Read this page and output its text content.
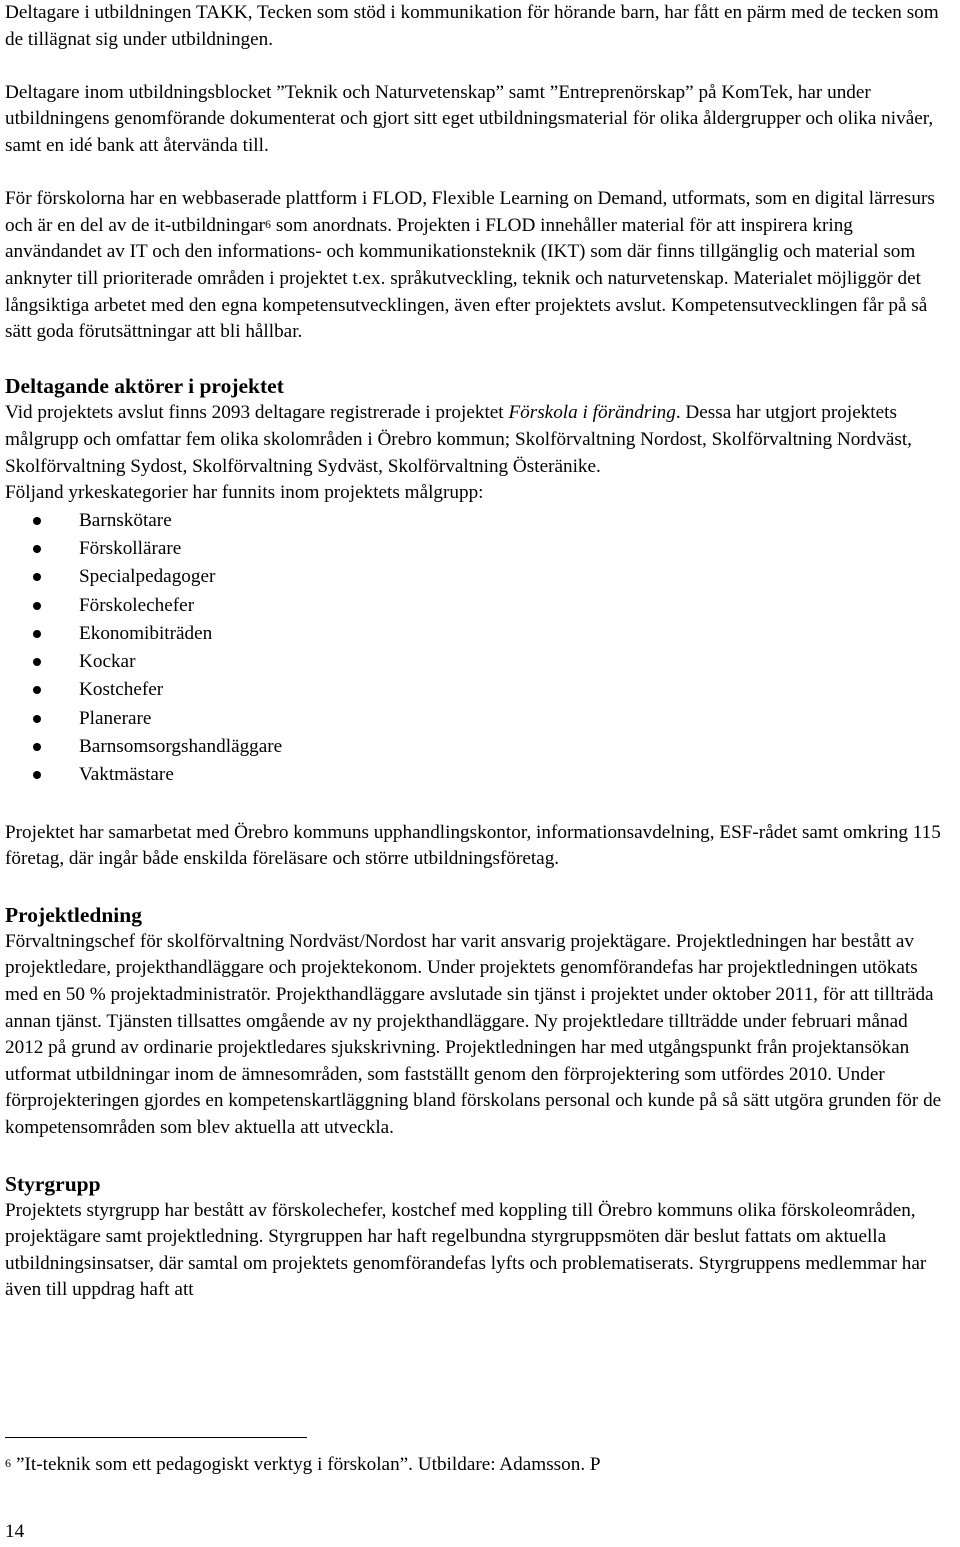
Deltagare i utbildningen TAKK, Tecken som stöd i kommunikation för hörande barn, har fått en pärm med de tecken som de tillägnat sig under utbildningen.

Deltagare inom utbildningsblocket ”Teknik och Naturvetenskap” samt ”Entreprenörskap” på KomTek, har under utbildningens genomförande dokumenterat och gjort sitt eget utbildningsmaterial för olika åldergrupper och olika nivåer, samt en idé bank att återvända till.

För förskolorna har en webbaserade plattform i FLOD, Flexible Learning on Demand, utformats, som en digital lärresurs och är en del av de it-utbildningar$^6$ som anordnats. Projekten i FLOD innehåller material för att inspirera kring användandet av IT och den informations- och kommunikationsteknik (IKT) som där finns tillgänglig och material som anknyter till prioriterade områden i projektet t.ex. språkutveckling, teknik och naturvetenskap. Materialet möjliggör det långsiktiga arbetet med den egna kompetensutvecklingen, även efter projektets avslut. Kompetensutvecklingen får på så sätt goda förutsättningar att bli hållbar.

Deltagande aktörer i projektet

Vid projektets avslut finns 2093 deltagare registrerade i projektet Förskola i förändring. Dessa har utgjort projektets målgrupp och omfattar fem olika skolområden i Örebro kommun; Skolförvaltning Nordost, Skolförvaltning Nordväst, Skolförvaltning Sydost, Skolförvaltning Sydväst, Skolförvaltning Österänike.

Följand yrkeskategorier har funnits inom projektets målgrupp:

Barnskötare
Förskollärare
Specialpedagoger
Förskolechefer
Ekonomibiträden
Kockar
Kostchefer
Planerare
Barnsomsorgshandläggare
Vaktmästare

Projektet har samarbetat med Örebro kommuns upphandlingskontor, informationsavdelning, ESF-rådet samt omkring 115 företag, där ingår både enskilda föreläsare och större utbildningsföretag.

Projektledning

Förvaltningschef för skolförvaltning Nordväst/Nordost har varit ansvarig projektägare. Projektledningen har bestått av projektledare, projekthandläggare och projektekonom. Under projektets genomförandefas har projektledningen utökats med en 50 % projektadministratör. Projekthandläggare avslutade sin tjänst i projektet under oktober 2011, för att tillträda annan tjänst. Tjänsten tillsattes omgående av ny projekthandläggare. Ny projektledare tillträdde under februari månad 2012 på grund av ordinarie projektledares sjukskrivning. Projektledningen har med utgångspunkt från projektansökan utformat utbildningar inom de ämnesområden, som fastställt genom den förprojektering som utfördes 2010. Under förprojekteringen gjordes en kompetenskartläggning bland förskolans personal och kunde på så sätt utgöra grunden för de kompetensområden som blev aktuella att utveckla.

Styrgrupp

Projektets styrgrupp har bestått av förskolechefer, kostchef med koppling till Örebro kommuns olika förskoleområden, projektägare samt projektledning. Styrgruppen har haft regelbundna styrgruppsmöten där beslut fattats om aktuella utbildningsinsatser, där samtal om projektets genomförandefas lyfts och problematiserats. Styrgruppens medlemmar har även till uppdrag haft att

$^6$ ”It-teknik som ett pedagogiskt verktyg i förskolan”. Utbildare: Adamsson. P
14
